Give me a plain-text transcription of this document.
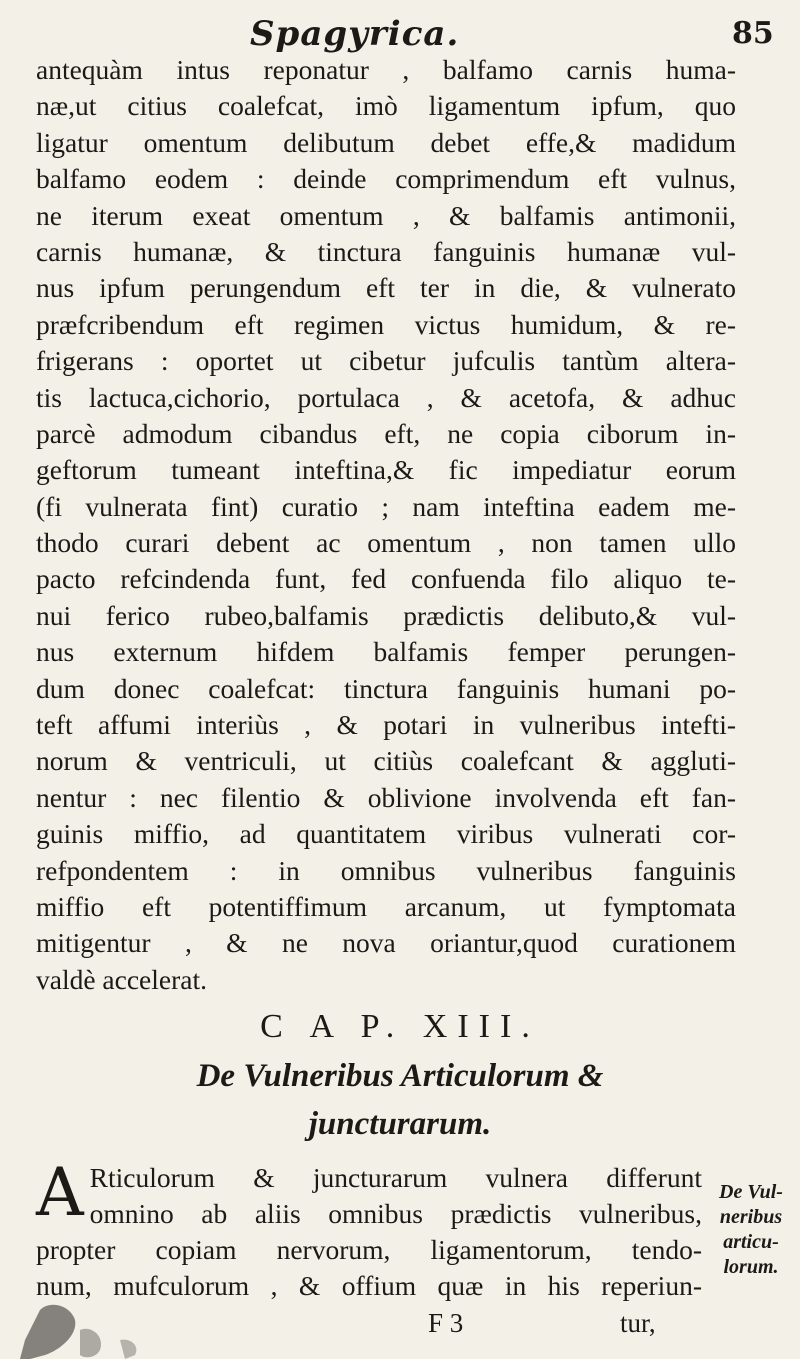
Spagyrica.	85
antequàm intus reponatur , balfamo carnis huma-
næ,ut citius coalefcat, imò ligamentum ipfum, quo
ligatur omentum delibutum debet effe,& madidum
balfamo eodem : deinde comprimendum eft vulnus,
ne iterum exeat omentum , & balfamis antimonii,
carnis humanæ, & tinctura fanguinis humanæ vul-
nus ipfum perungendum eft ter in die, & vulnerato
præfcribendum eft regimen victus humidum, & re-
frigerans : oportet ut cibetur jufculis tantùm altera-
tis lactuca,cichorio, portulaca , & acetofa, & adhuc
parcè admodum cibandus eft, ne copia ciborum in-
geftorum tumeant inteftina,& fic impediatur eorum
(fi vulnerata fint) curatio ; nam inteftina eadem me-
thodo curari debent ac omentum , non tamen ullo
pacto refcindenda funt, fed confuenda filo aliquo te-
nui ferico rubeo,balfamis prædictis delibuto,& vul-
nus externum hifdem balfamis femper perungen-
dum donec coalefcat: tinctura fanguinis humani po-
teft affumi interiùs , & potari in vulneribus intefti-
norum & ventriculi, ut citiùs coalefcant & aggluti-
nentur : nec filentio & oblivione involvenda eft fan-
guinis miffio, ad quantitatem viribus vulnerati cor-
refpondentem : in omnibus vulneribus fanguinis
miffio eft potentiffimum arcanum, ut fymptomata
mitigentur , & ne nova oriantur,quod curationem
valdè accelerat.
C A P. XIII.
De Vulneribus Articulorum &
juncturarum.
A Rticulorum & juncturarum vulnera differunt
omnino ab aliis omnibus prædictis vulneribus,
propter copiam nervorum, ligamentorum, tendo-
num, mufculorum , & offium quæ in his reperiun-
De Vul-
neribus
articu-
lorum.
F 3	tur,
